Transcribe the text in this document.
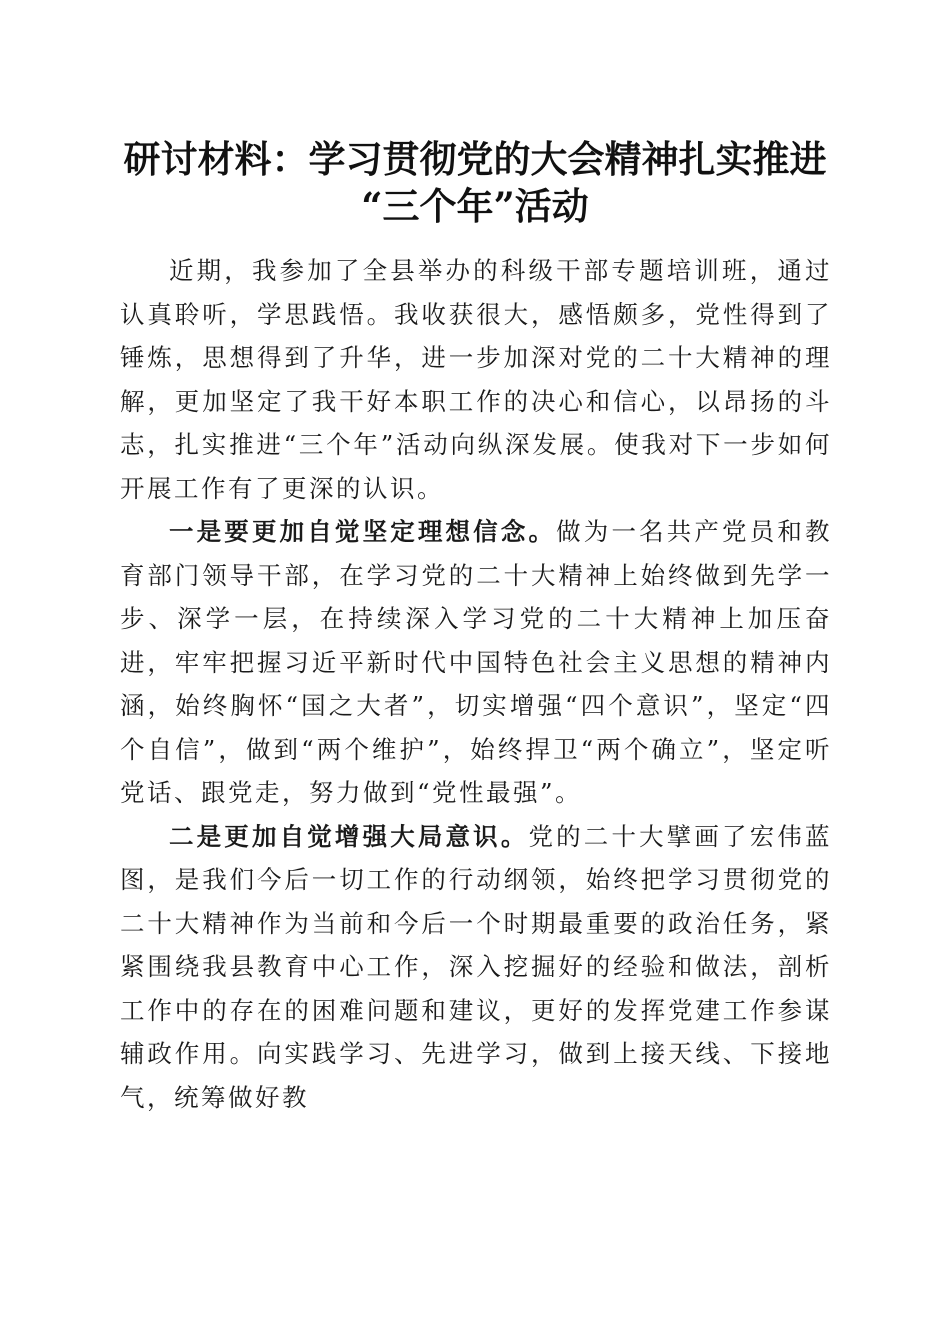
研讨材料：学习贯彻党的大会精神扎实推进
“三个年”活动

近期，我参加了全县举办的科级干部专题培训班，通过认真聆听，学思践悟。我收获很大，感悟颇多，党性得到了锤炼，思想得到了升华，进一步加深对党的二十大精神的理解，更加坚定了我干好本职工作的决心和信心，以昂扬的斗志，扎实推进“三个年”活动向纵深发展。使我对下一步如何开展工作有了更深的认识。

一是要更加自觉坚定理想信念。做为一名共产党员和教育部门领导干部，在学习党的二十大精神上始终做到先学一步、深学一层，在持续深入学习党的二十大精神上加压奋进，牢牢把握习近平新时代中国特色社会主义思想的精神内涵，始终胸怀“国之大者”，切实增强“四个意识”，坚定“四个自信”，做到“两个维护”，始终捍卫“两个确立”，坚定听党话、跟党走，努力做到“党性最强”。

二是更加自觉增强大局意识。党的二十大擘画了宏伟蓝图，是我们今后一切工作的行动纲领，始终把学习贯彻党的二十大精神作为当前和今后一个时期最重要的政治任务，紧紧围绕我县教育中心工作，深入挖掘好的经验和做法，剖析工作中的存在的困难问题和建议，更好的发挥党建工作参谋辅政作用。向实践学习、先进学习，做到上接天线、下接地气，统筹做好教
